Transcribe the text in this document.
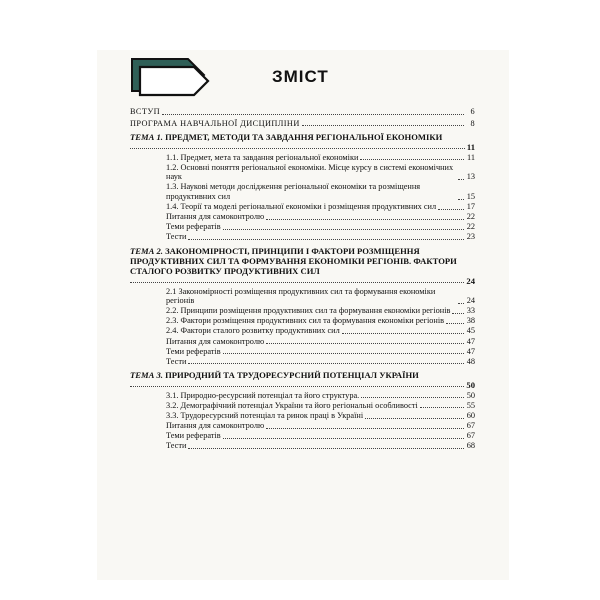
ЗМІСТ
ВСТУП	6
ПРОГРАМА НАВЧАЛЬНОЇ ДИСЦИПЛІНИ	8
ТЕМА 1. ПРЕДМЕТ, МЕТОДИ ТА ЗАВДАННЯ РЕГІОНАЛЬНОЇ ЕКОНОМІКИ
11
1.1. Предмет, мета та завдання регіональної економіки	11
1.2. Основні поняття регіональної економіки. Місце курсу в системі економічних наук	13
1.3. Наукові методи дослідження регіональної економіки та розміщення продуктивних сил	15
1.4. Теорії та моделі регіональної економіки і розміщення продуктивних сил	17
Питання для самоконтролю	22
Теми рефератів	22
Тести	23
ТЕМА 2. ЗАКОНОМІРНОСТІ, ПРИНЦИПИ І ФАКТОРИ РОЗМІЩЕННЯ ПРОДУКТИВНИХ СИЛ ТА ФОРМУВАННЯ ЕКОНОМІКИ РЕГІОНІВ. ФАКТОРИ СТАЛОГО РОЗВИТКУ ПРОДУКТИВНИХ СИЛ
24
2.1 Закономірності розміщення продуктивних сил та формування економіки регіонів	24
2.2. Принципи розміщення продуктивних сил та формування економіки регіонів 33
2.3. Фактори розміщення продуктивних сил та формування економіки регіонів	38
2.4. Фактори сталого розвитку продуктивних сил	45
Питання для самоконтролю	47
Теми рефератів	47
Тести	48
ТЕМА 3. ПРИРОДНИЙ ТА ТРУДОРЕСУРСНИЙ ПОТЕНЦІАЛ УКРАЇНИ
50
3.1. Природно-ресурсний потенціал та його структура.	50
3.2. Демографічний потенціал України та його регіональні особливості	55
3.3. Трудоресурсний потенціал та ринок праці в Україні	60
Питання для самоконтролю	67
Теми рефератів	67
Тести	68
